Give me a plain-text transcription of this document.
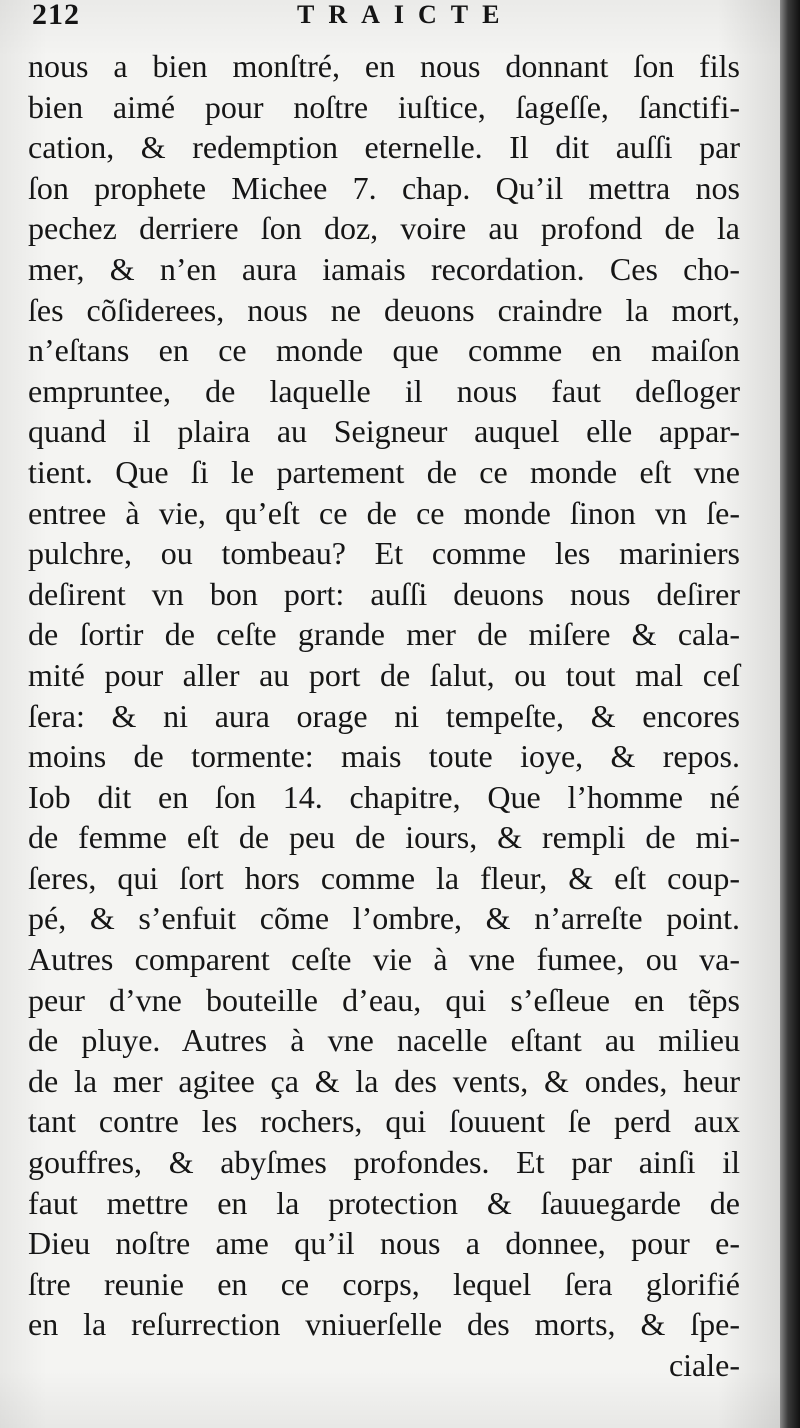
212	TRAICTE
nous a bien monſtré, en nous donnant ſon fils
bien aimé pour noſtre iuſtice, ſageſſe, ſanctifi-
cation, & redemption eternelle. Il dit auſſi par
ſon prophete Michee 7. chap. Qu’il mettra nos
pechez derriere ſon doz, voire au profond de la
mer, & n’en aura iamais recordation. Ces cho-
ſes cõſiderees, nous ne deuons craindre la mort,
n’eſtans en ce monde que comme en maiſon
empruntee, de laquelle il nous faut deſloger
quand il plaira au Seigneur auquel elle appar-
tient. Que ſi le partement de ce monde eſt vne
entree à vie, qu’eſt ce de ce monde ſinon vn ſe-
pulchre, ou tombeau? Et comme les mariniers
deſirent vn bon port: auſſi deuons nous deſirer
de ſortir de ceſte grande mer de miſere & cala-
mité pour aller au port de ſalut, ou tout mal ceſ
ſera: & ni aura orage ni tempeſte, & encores
moins de tormente: mais toute ioye, & repos.
Iob dit en ſon 14. chapitre, Que l’homme né
de femme eſt de peu de iours, & rempli de mi-
ſeres, qui ſort hors comme la fleur, & eſt coup-
pé, & s’enfuit cõme l’ombre, & n’arreſte point.
Autres comparent ceſte vie à vne fumee, ou va-
peur d’vne bouteille d’eau, qui s’eſleue en tẽps
de pluye. Autres à vne nacelle eſtant au milieu
de la mer agitee ça & la des vents, & ondes, heur
tant contre les rochers, qui ſouuent ſe perd aux
gouffres, & abyſmes profondes. Et par ainſi il
faut mettre en la protection & ſauuegarde de
Dieu noſtre ame qu’il nous a donnee, pour e-
ſtre reunie en ce corps, lequel ſera glorifié
en la reſurrection vniuerſelle des morts, & ſpe-
ciale-
